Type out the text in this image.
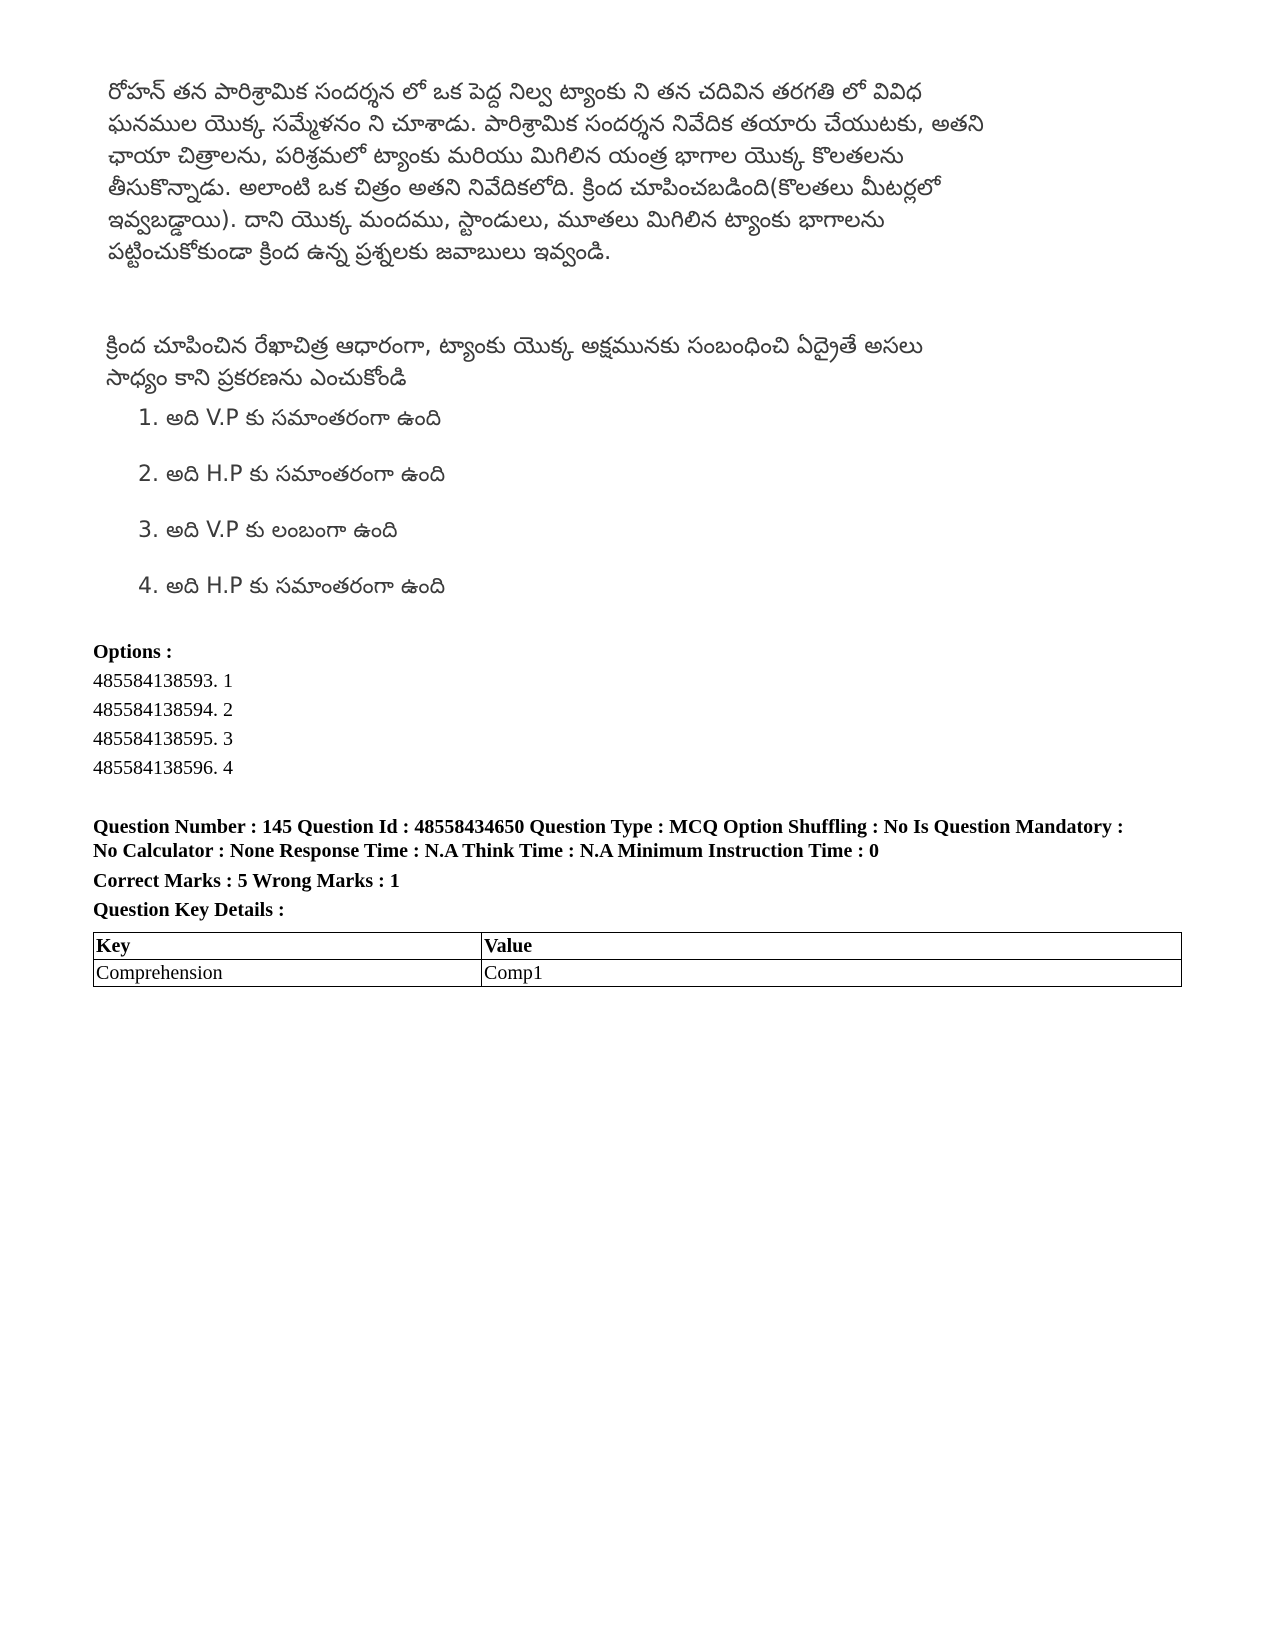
రోహన్ తన పారిశ్రామిక సందర్శన లో ఒక పెద్ద నిల్వ ట్యాంకు ని తన చదివిన తరగతి లో వివిధ
ఘనముల యొక్క సమ్మేళనం ని చూశాడు. పారిశ్రామిక సందర్శన నివేదిక తయారు చేయుటకు, అతని
ఛాయా చిత్రాలను, పరిశ్రమలో ట్యాంకు మరియు మిగిలిన యంత్ర భాగాల యొక్క కొలతలను
తీసుకొన్నాడు. అలాంటి ఒక చిత్రం అతని నివేదికలోది. క్రింద చూపించబడింది(కొలతలు మీటర్లలో
ఇవ్వబడ్డాయి). దాని యొక్క మందము, స్టాండులు, మూతలు మిగిలిన ట్యాంకు భాగాలను
పట్టించుకోకుండా క్రింద ఉన్న ప్రశ్నలకు జవాబులు ఇవ్వండి.
క్రింద చూపించిన రేఖాచిత్ర ఆధారంగా, ట్యాంకు యొక్క అక్షమునకు సంబంధించి ఏద్రైతే అసలు
సాధ్యం కాని ప్రకరణను ఎంచుకోండి
1. అది V.P కు సమాంతరంగా ఉంది
2. అది H.P కు సమాంతరంగా ఉంది
3. అది V.P కు లంబంగా ఉంది
4. అది H.P కు సమాంతరంగా ఉంది
Options :
485584138593. 1
485584138594. 2
485584138595. 3
485584138596. 4
Question Number : 145 Question Id : 48558434650 Question Type : MCQ Option Shuffling : No Is Question Mandatory :
No Calculator : None Response Time : N.A Think Time : N.A Minimum Instruction Time : 0
Correct Marks : 5 Wrong Marks : 1
Question Key Details :
Key	Value
Comprehension	Comp1
